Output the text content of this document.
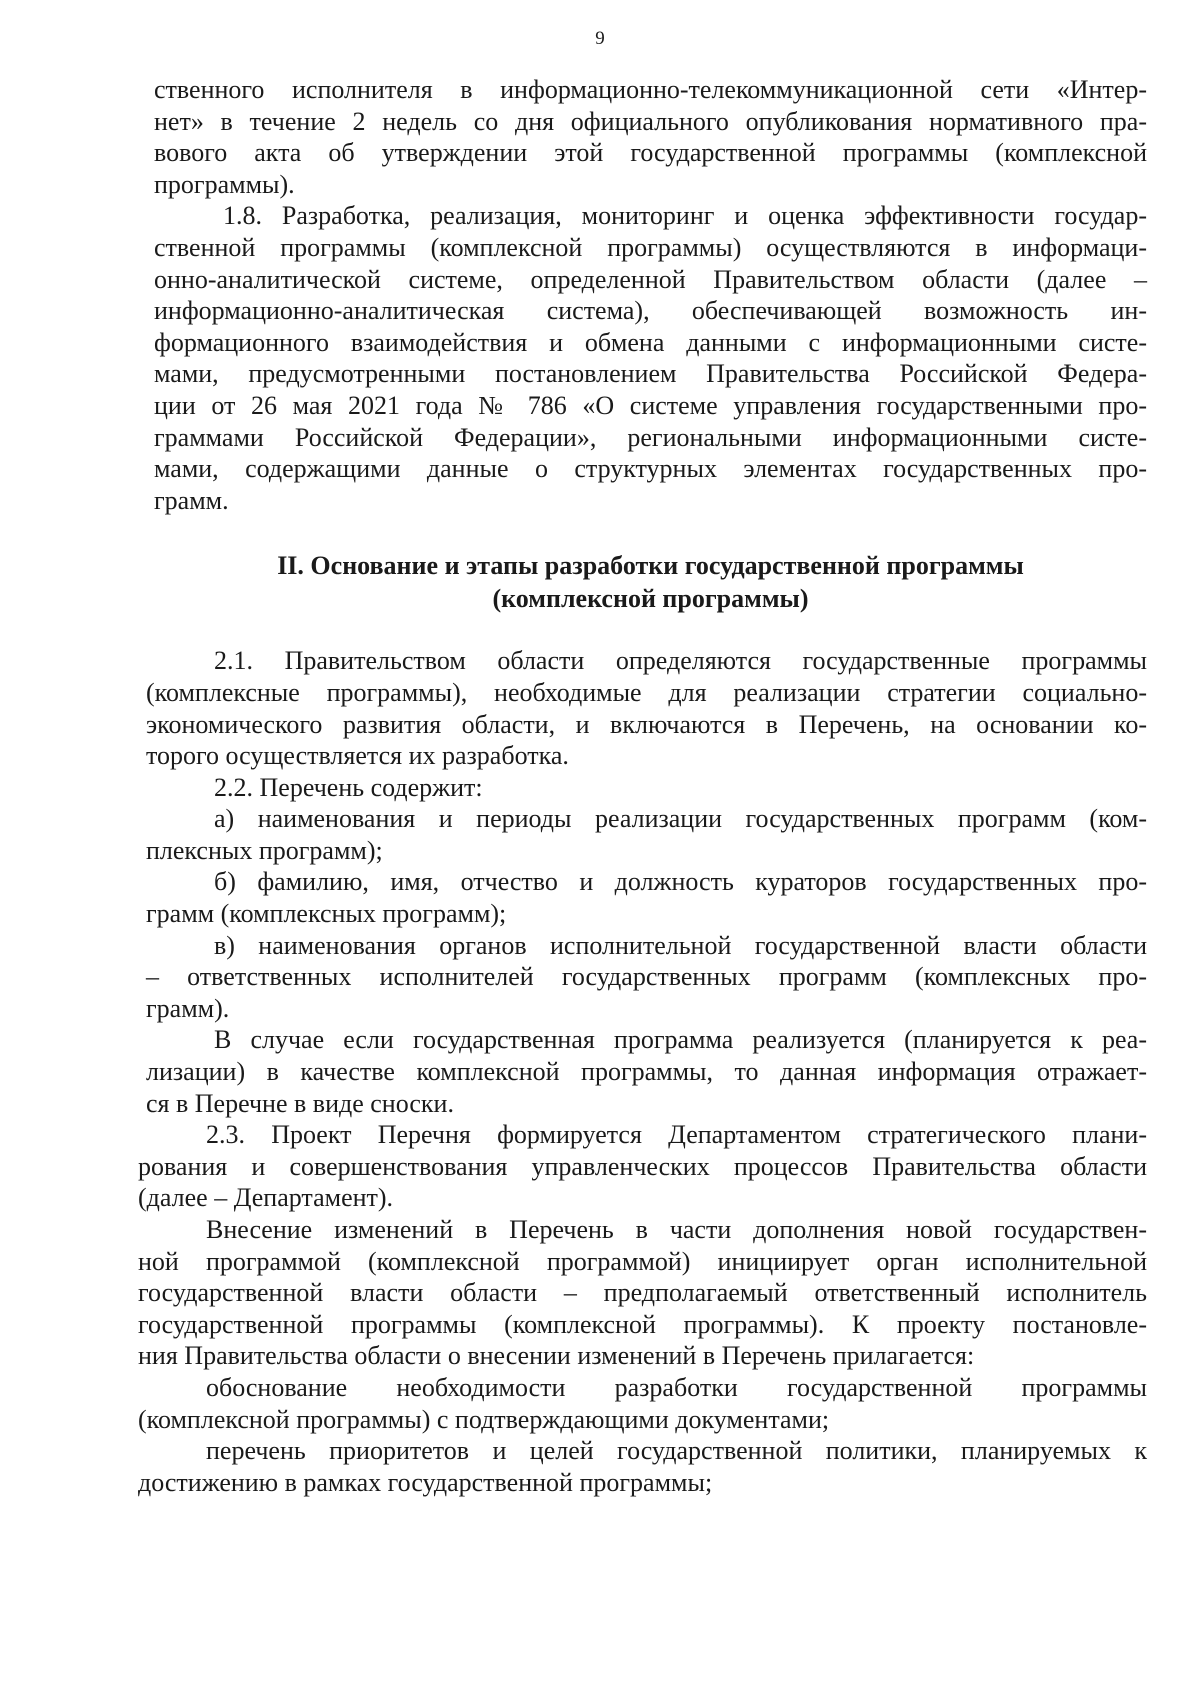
9

ственного исполнителя в информационно-телекоммуникационной сети «Интер-
нет» в течение 2 недель со дня официального опубликования нормативного пра-
вового акта об утверждении этой государственной программы (комплексной
программы).

1.8. Разработка, реализация, мониторинг и оценка эффективности государ-
ственной программы (комплексной программы) осуществляются в информаци-
онно-аналитической системе, определенной Правительством области (далее –
информационно-аналитическая система), обеспечивающей возможность ин-
формационного взаимодействия и обмена данными с информационными систе-
мами, предусмотренными постановлением Правительства Российской Федера-
ции от 26 мая 2021 года № 786 «О системе управления государственными про-
граммами Российской Федерации», региональными информационными систе-
мами, содержащими данные о структурных элементах государственных про-
грамм.

II. Основание и этапы разработки государственной программы
(комплексной программы)

2.1. Правительством области определяются государственные программы
(комплексные программы), необходимые для реализации стратегии социально-
экономического развития области, и включаются в Перечень, на основании ко-
торого осуществляется их разработка.

2.2. Перечень содержит:

а) наименования и периоды реализации государственных программ (ком-
плексных программ);

б) фамилию, имя, отчество и должность кураторов государственных про-
грамм (комплексных программ);

в) наименования органов исполнительной государственной власти области
– ответственных исполнителей государственных программ (комплексных про-
грамм).

В случае если государственная программа реализуется (планируется к реа-
лизации) в качестве комплексной программы, то данная информация отражает-
ся в Перечне в виде сноски.

2.3. Проект Перечня формируется Департаментом стратегического плани-
рования и совершенствования управленческих процессов Правительства области
(далее – Департамент).

Внесение изменений в Перечень в части дополнения новой государствен-
ной программой (комплексной программой) инициирует орган исполнительной
государственной власти области – предполагаемый ответственный исполнитель
государственной программы (комплексной программы). К проекту постановле-
ния Правительства области о внесении изменений в Перечень прилагается:

обоснование необходимости разработки государственной программы
(комплексной программы) с подтверждающими документами;

перечень приоритетов и целей государственной политики, планируемых к
достижению в рамках государственной программы;
